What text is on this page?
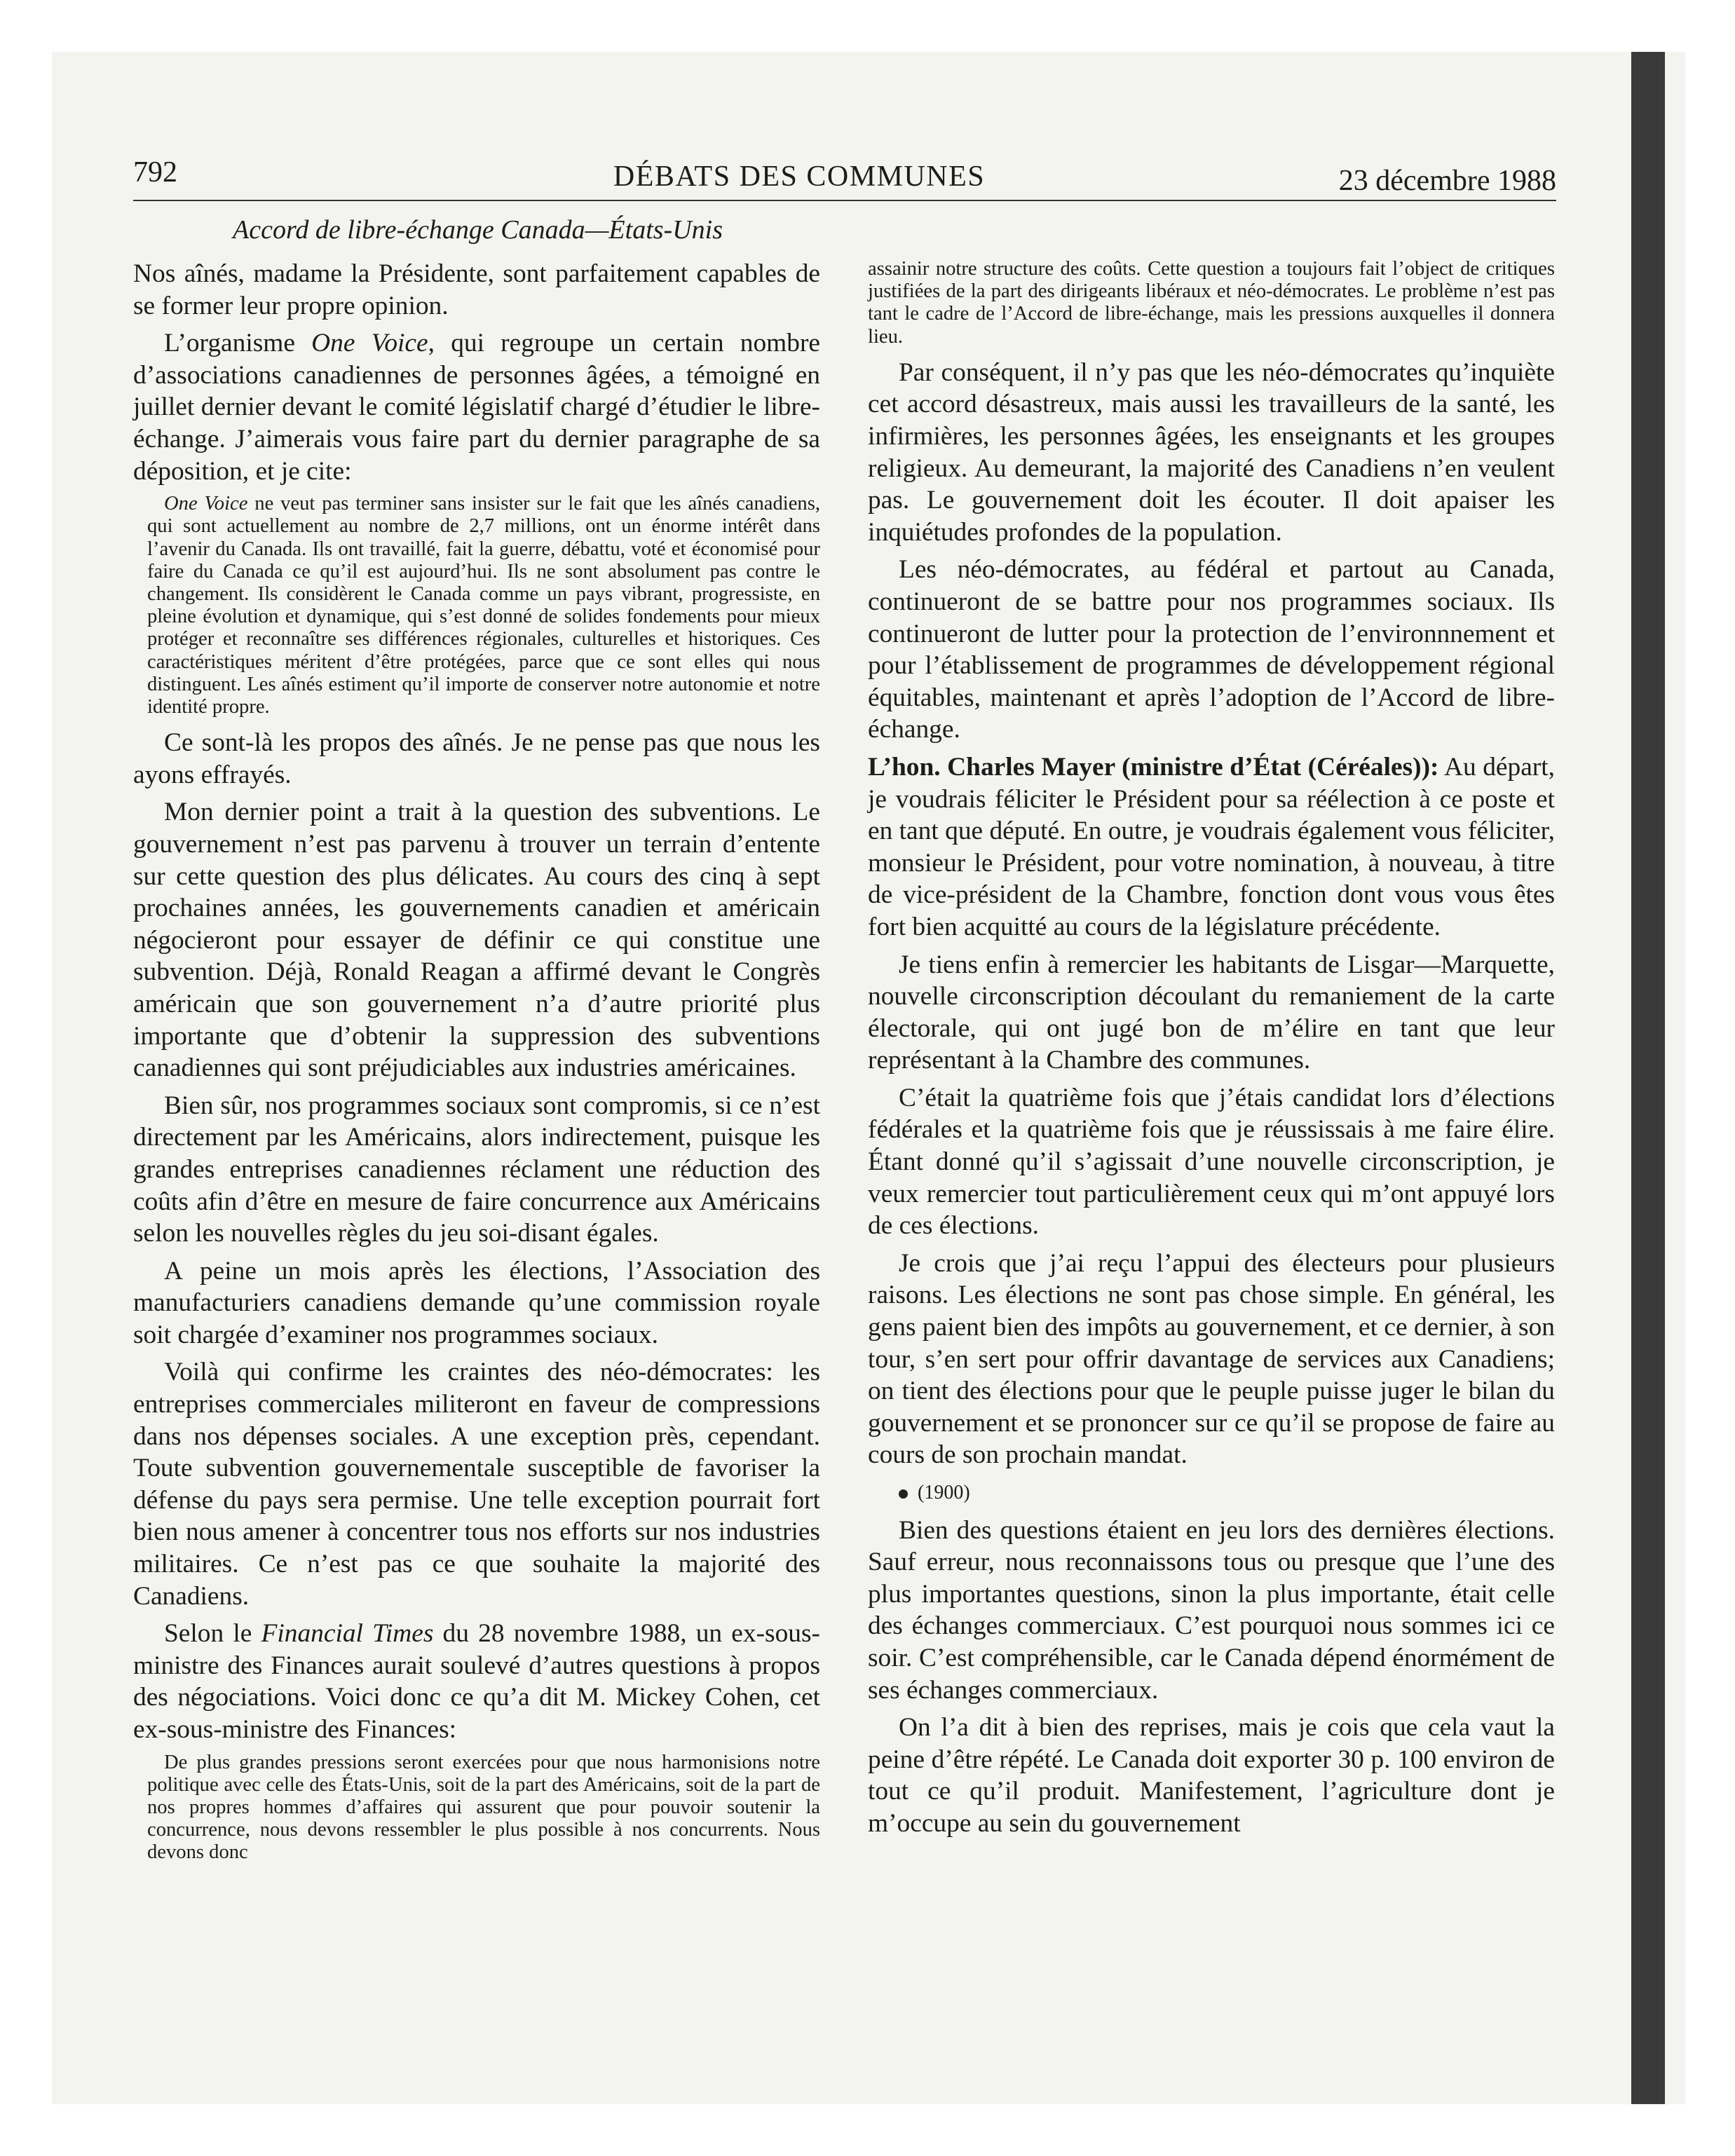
792	DÉBATS DES COMMUNES	23 décembre 1988
Accord de libre-échange Canada—États-Unis

Nos aînés, madame la Présidente, sont parfaitement capables de se former leur propre opinion.

L’organisme One Voice, qui regroupe un certain nombre d’associations canadiennes de personnes âgées, a témoigné en juillet dernier devant le comité législatif chargé d’étudier le libre-échange. J’aimerais vous faire part du dernier paragraphe de sa déposition, et je cite:

One Voice ne veut pas terminer sans insister sur le fait que les aînés canadiens, qui sont actuellement au nombre de 2,7 millions, ont un énorme intérêt dans l’avenir du Canada. Ils ont travaillé, fait la guerre, débattu, voté et économisé pour faire du Canada ce qu’il est aujourd’hui. Ils ne sont absolument pas contre le changement. Ils considèrent le Canada comme un pays vibrant, progressiste, en pleine évolution et dynamique, qui s’est donné de solides fondements pour mieux protéger et reconnaître ses différences régionales, culturelles et historiques. Ces caractéristiques méritent d’être protégées, parce que ce sont elles qui nous distinguent. Les aînés estiment qu’il importe de conserver notre autonomie et notre identité propre.

Ce sont-là les propos des aînés. Je ne pense pas que nous les ayons effrayés.

Mon dernier point a trait à la question des subventions. Le gouvernement n’est pas parvenu à trouver un terrain d’entente sur cette question des plus délicates. Au cours des cinq à sept prochaines années, les gouvernements canadien et américain négocieront pour essayer de définir ce qui constitue une subvention. Déjà, Ronald Reagan a affirmé devant le Congrès américain que son gouvernement n’a d’autre priorité plus importante que d’obtenir la suppression des subventions canadiennes qui sont préjudiciables aux industries américaines.

Bien sûr, nos programmes sociaux sont compromis, si ce n’est directement par les Américains, alors indirectement, puisque les grandes entreprises canadiennes réclament une réduction des coûts afin d’être en mesure de faire concurrence aux Américains selon les nouvelles règles du jeu soi-disant égales.

A peine un mois après les élections, l’Association des manufacturiers canadiens demande qu’une commission royale soit chargée d’examiner nos programmes sociaux.

Voilà qui confirme les craintes des néo-démocrates: les entreprises commerciales militeront en faveur de compressions dans nos dépenses sociales. A une exception près, cependant. Toute subvention gouvernementale susceptible de favoriser la défense du pays sera permise. Une telle exception pourrait fort bien nous amener à concentrer tous nos efforts sur nos industries militaires. Ce n’est pas ce que souhaite la majorité des Canadiens.

Selon le Financial Times du 28 novembre 1988, un ex-sous-ministre des Finances aurait soulevé d’autres questions à propos des négociations. Voici donc ce qu’a dit M. Mickey Cohen, cet ex-sous-ministre des Finances:

De plus grandes pressions seront exercées pour que nous harmonisions notre politique avec celle des États-Unis, soit de la part des Américains, soit de la part de nos propres hommes d’affaires qui assurent que pour pouvoir soutenir la concurrence, nous devons ressembler le plus possible à nos concurrents. Nous devons donc

assainir notre structure des coûts. Cette question a toujours fait l’object de critiques justifiées de la part des dirigeants libéraux et néo-démocrates. Le problème n’est pas tant le cadre de l’Accord de libre-échange, mais les pressions auxquelles il donnera lieu.

Par conséquent, il n’y pas que les néo-démocrates qu’inquiète cet accord désastreux, mais aussi les travailleurs de la santé, les infirmières, les personnes âgées, les enseignants et les groupes religieux. Au demeurant, la majorité des Canadiens n’en veulent pas. Le gouvernement doit les écouter. Il doit apaiser les inquiétudes profondes de la population.

Les néo-démocrates, au fédéral et partout au Canada, continueront de se battre pour nos programmes sociaux. Ils continueront de lutter pour la protection de l’environnnement et pour l’établissement de programmes de développement régional équitables, maintenant et après l’adoption de l’Accord de libre-échange.

L’hon. Charles Mayer (ministre d’État (Céréales)): Au départ, je voudrais féliciter le Président pour sa réélection à ce poste et en tant que député. En outre, je voudrais également vous féliciter, monsieur le Président, pour votre nomination, à nouveau, à titre de vice-président de la Chambre, fonction dont vous vous êtes fort bien acquitté au cours de la législature précédente.

Je tiens enfin à remercier les habitants de Lisgar—Marquette, nouvelle circonscription découlant du remaniement de la carte électorale, qui ont jugé bon de m’élire en tant que leur représentant à la Chambre des communes.

C’était la quatrième fois que j’étais candidat lors d’élections fédérales et la quatrième fois que je réussissais à me faire élire. Étant donné qu’il s’agissait d’une nouvelle circonscription, je veux remercier tout particulièrement ceux qui m’ont appuyé lors de ces élections.

Je crois que j’ai reçu l’appui des électeurs pour plusieurs raisons. Les élections ne sont pas chose simple. En général, les gens paient bien des impôts au gouvernement, et ce dernier, à son tour, s’en sert pour offrir davantage de services aux Canadiens; on tient des élections pour que le peuple puisse juger le bilan du gouvernement et se prononcer sur ce qu’il se propose de faire au cours de son prochain mandat.

(1900)

Bien des questions étaient en jeu lors des dernières élections. Sauf erreur, nous reconnaissons tous ou presque que l’une des plus importantes questions, sinon la plus importante, était celle des échanges commerciaux. C’est pourquoi nous sommes ici ce soir. C’est compréhensible, car le Canada dépend énormément de ses échanges commerciaux.

On l’a dit à bien des reprises, mais je cois que cela vaut la peine d’être répété. Le Canada doit exporter 30 p. 100 environ de tout ce qu’il produit. Manifestement, l’agriculture dont je m’occupe au sein du gouvernement
